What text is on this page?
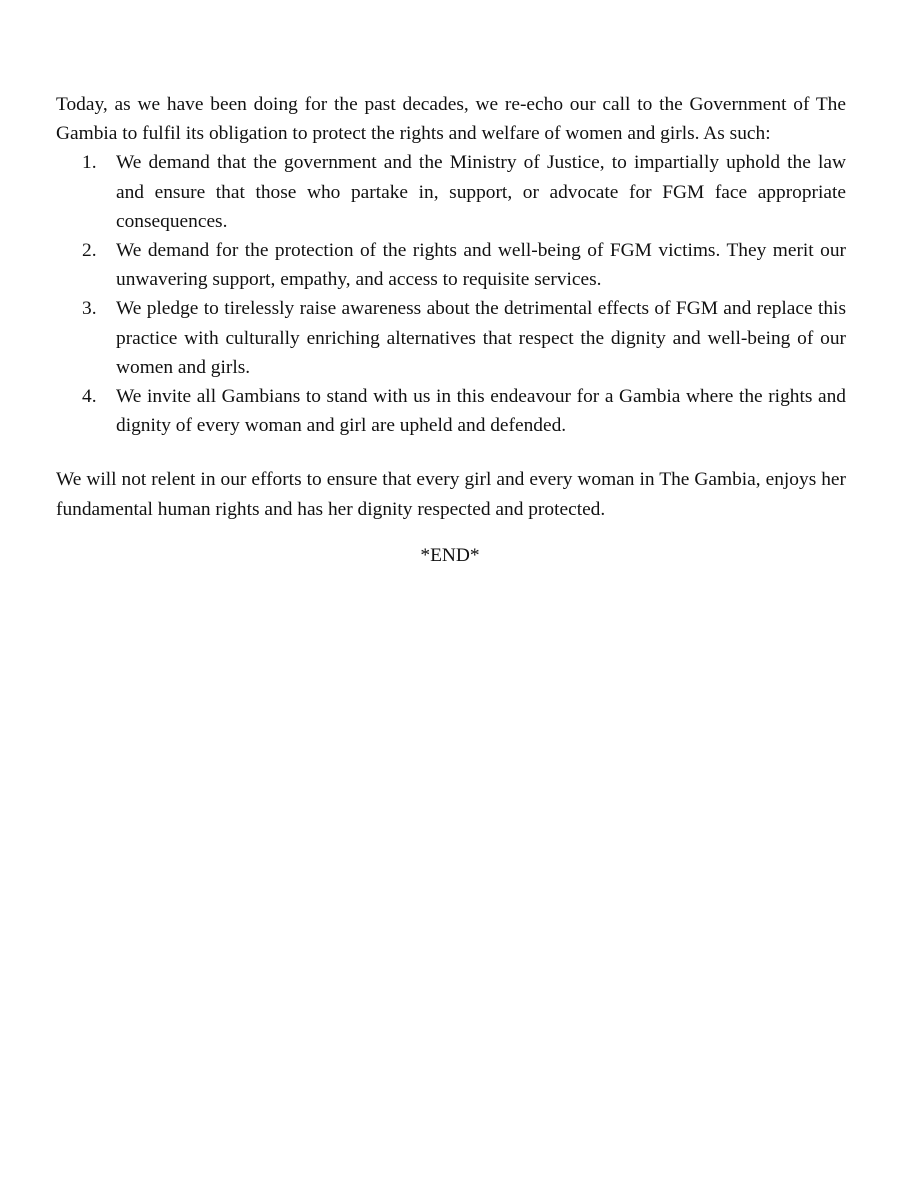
Today, as we have been doing for the past decades, we re-echo our call to the Government of The Gambia to fulfil its obligation to protect the rights and welfare of women and girls. As such:

1. We demand that the government and the Ministry of Justice, to impartially uphold the law and ensure that those who partake in, support, or advocate for FGM face appropriate consequences.
2. We demand for the protection of the rights and well-being of FGM victims. They merit our unwavering support, empathy, and access to requisite services.
3. We pledge to tirelessly raise awareness about the detrimental effects of FGM and replace this practice with culturally enriching alternatives that respect the dignity and well-being of our women and girls.
4. We invite all Gambians to stand with us in this endeavour for a Gambia where the rights and dignity of every woman and girl are upheld and defended.

We will not relent in our efforts to ensure that every girl and every woman in The Gambia, enjoys her fundamental human rights and has her dignity respected and protected.

*END*
